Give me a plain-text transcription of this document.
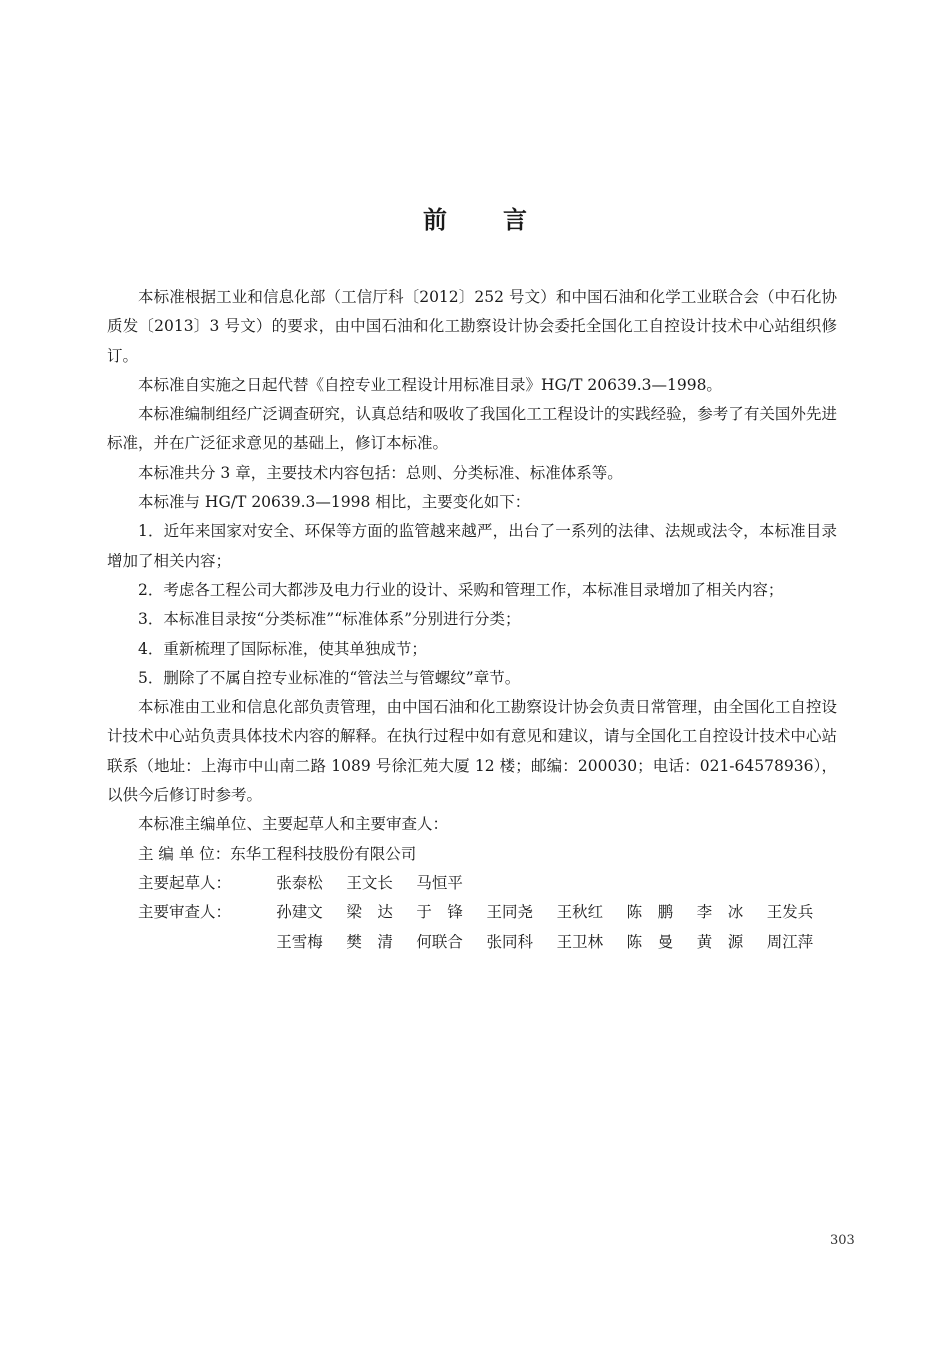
前 言

本标准根据工业和信息化部（工信厅科〔2012〕252 号文）和中国石油和化学工业联合会（中石化协质发〔2013〕3 号文）的要求，由中国石油和化工勘察设计协会委托全国化工自控设计技术中心站组织修订。

本标准自实施之日起代替《自控专业工程设计用标准目录》HG/T 20639.3—1998。

本标准编制组经广泛调查研究，认真总结和吸收了我国化工工程设计的实践经验，参考了有关国外先进标准，并在广泛征求意见的基础上，修订本标准。

本标准共分 3 章，主要技术内容包括：总则、分类标准、标准体系等。

本标准与 HG/T 20639.3—1998 相比，主要变化如下：

1．近年来国家对安全、环保等方面的监管越来越严，出台了一系列的法律、法规或法令，本标准目录增加了相关内容；

2．考虑各工程公司大都涉及电力行业的设计、采购和管理工作，本标准目录增加了相关内容；

3．本标准目录按“分类标准”“标准体系”分别进行分类；

4．重新梳理了国际标准，使其单独成节；

5．删除了不属自控专业标准的“管法兰与管螺纹”章节。

本标准由工业和信息化部负责管理，由中国石油和化工勘察设计协会负责日常管理，由全国化工自控设计技术中心站负责具体技术内容的解释。在执行过程中如有意见和建议，请与全国化工自控设计技术中心站联系（地址：上海市中山南二路 1089 号徐汇苑大厦 12 楼；邮编：200030；电话：021-64578936），以供今后修订时参考。

本标准主编单位、主要起草人和主要审查人：

主 编 单 位：东华工程科技股份有限公司

主要起草人：	张泰松	王文长	马恒平					
主要审查人：	孙建文	梁　达	于　锋	王同尧	王秋红	陈　鹏	李　冰	王发兵
	王雪梅	樊　清	何联合	张同科	王卫林	陈　曼	黄　源	周江萍
303
